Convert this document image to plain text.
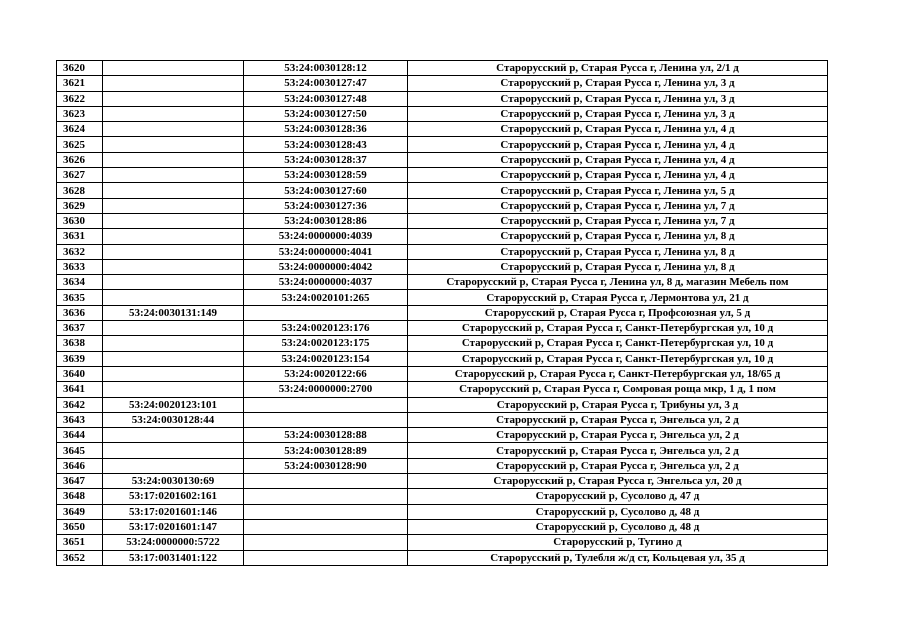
3620		53:24:0030128:12	Старорусский р, Старая Русса г, Ленина ул, 2/1 д
3621		53:24:0030127:47	Старорусский р, Старая Русса г, Ленина ул, 3 д
3622		53:24:0030127:48	Старорусский р, Старая Русса г, Ленина ул, 3 д
3623		53:24:0030127:50	Старорусский р, Старая Русса г, Ленина ул, 3 д
3624		53:24:0030128:36	Старорусский р, Старая Русса г, Ленина ул, 4 д
3625		53:24:0030128:43	Старорусский р, Старая Русса г, Ленина ул, 4 д
3626		53:24:0030128:37	Старорусский р, Старая Русса г, Ленина ул, 4 д
3627		53:24:0030128:59	Старорусский р, Старая Русса г, Ленина ул, 4 д
3628		53:24:0030127:60	Старорусский р, Старая Русса г, Ленина ул, 5 д
3629		53:24:0030127:36	Старорусский р, Старая Русса г, Ленина ул, 7 д
3630		53:24:0030128:86	Старорусский р, Старая Русса г, Ленина ул, 7 д
3631		53:24:0000000:4039	Старорусский р, Старая Русса г, Ленина ул, 8 д
3632		53:24:0000000:4041	Старорусский р, Старая Русса г, Ленина ул, 8 д
3633		53:24:0000000:4042	Старорусский р, Старая Русса г, Ленина ул, 8 д
3634		53:24:0000000:4037	Старорусский р, Старая Русса г, Ленина ул, 8 д, магазин Мебель пом
3635		53:24:0020101:265	Старорусский р, Старая Русса г, Лермонтова ул, 21 д
3636	53:24:0030131:149		Старорусский р, Старая Русса г, Профсоюзная ул, 5 д
3637		53:24:0020123:176	Старорусский р, Старая Русса г, Санкт-Петербургская ул, 10 д
3638		53:24:0020123:175	Старорусский р, Старая Русса г, Санкт-Петербургская ул, 10 д
3639		53:24:0020123:154	Старорусский р, Старая Русса г, Санкт-Петербургская ул, 10 д
3640		53:24:0020122:66	Старорусский р, Старая Русса г, Санкт-Петербургская ул, 18/65 д
3641		53:24:0000000:2700	Старорусский р, Старая Русса г, Сомровая роща мкр, 1 д, 1 пом
3642	53:24:0020123:101		Старорусский р, Старая Русса г, Трибуны ул, 3 д
3643	53:24:0030128:44		Старорусский р, Старая Русса г, Энгельса ул, 2 д
3644		53:24:0030128:88	Старорусский р, Старая Русса г, Энгельса ул, 2 д
3645		53:24:0030128:89	Старорусский р, Старая Русса г, Энгельса ул, 2 д
3646		53:24:0030128:90	Старорусский р, Старая Русса г, Энгельса ул, 2 д
3647	53:24:0030130:69		Старорусский р, Старая Русса г, Энгельса ул, 20 д
3648	53:17:0201602:161		Старорусский р, Сусолово д, 47 д
3649	53:17:0201601:146		Старорусский р, Сусолово д, 48 д
3650	53:17:0201601:147		Старорусский р, Сусолово д, 48 д
3651	53:24:0000000:5722		Старорусский р, Тугино д
3652	53:17:0031401:122		Старорусский р, Тулебля ж/д ст, Кольцевая ул, 35 д
